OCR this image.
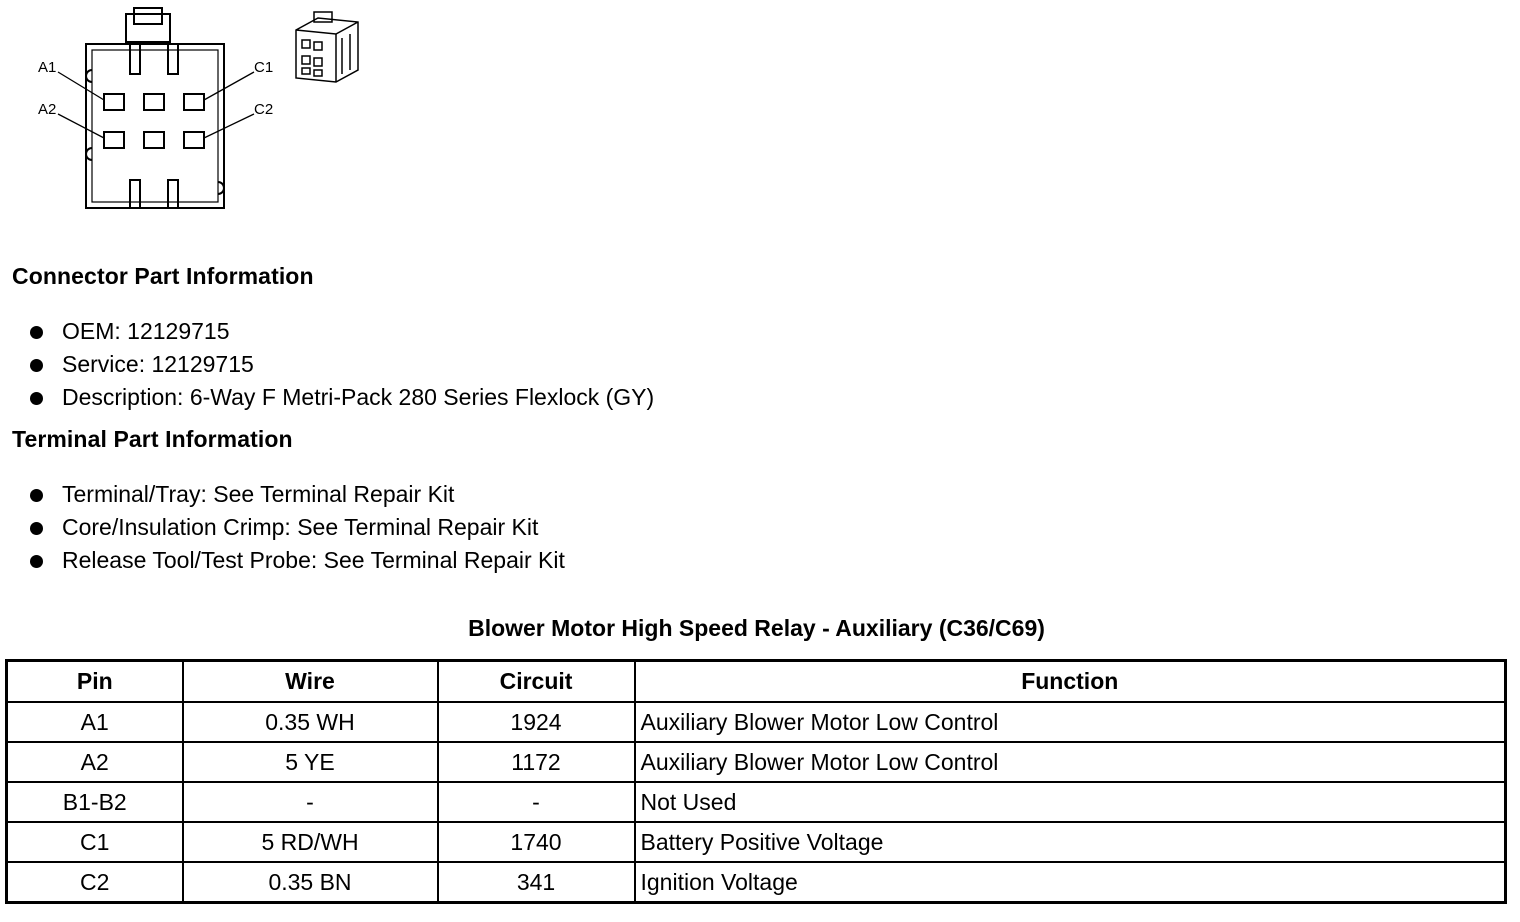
A1
A2
C1
C2
Connector Part Information
OEM: 12129715
Service: 12129715
Description: 6-Way F Metri-Pack 280 Series Flexlock (GY)
Terminal Part Information
Terminal/Tray: See Terminal Repair Kit
Core/Insulation Crimp: See Terminal Repair Kit
Release Tool/Test Probe: See Terminal Repair Kit
Blower Motor High Speed Relay - Auxiliary (C36/C69)
Pin	Wire	Circuit	Function
A1	0.35 WH	1924	Auxiliary Blower Motor Low Control
A2	5 YE	1172	Auxiliary Blower Motor Low Control
B1-B2	-	-	Not Used
C1	5 RD/WH	1740	Battery Positive Voltage
C2	0.35 BN	341	Ignition Voltage
